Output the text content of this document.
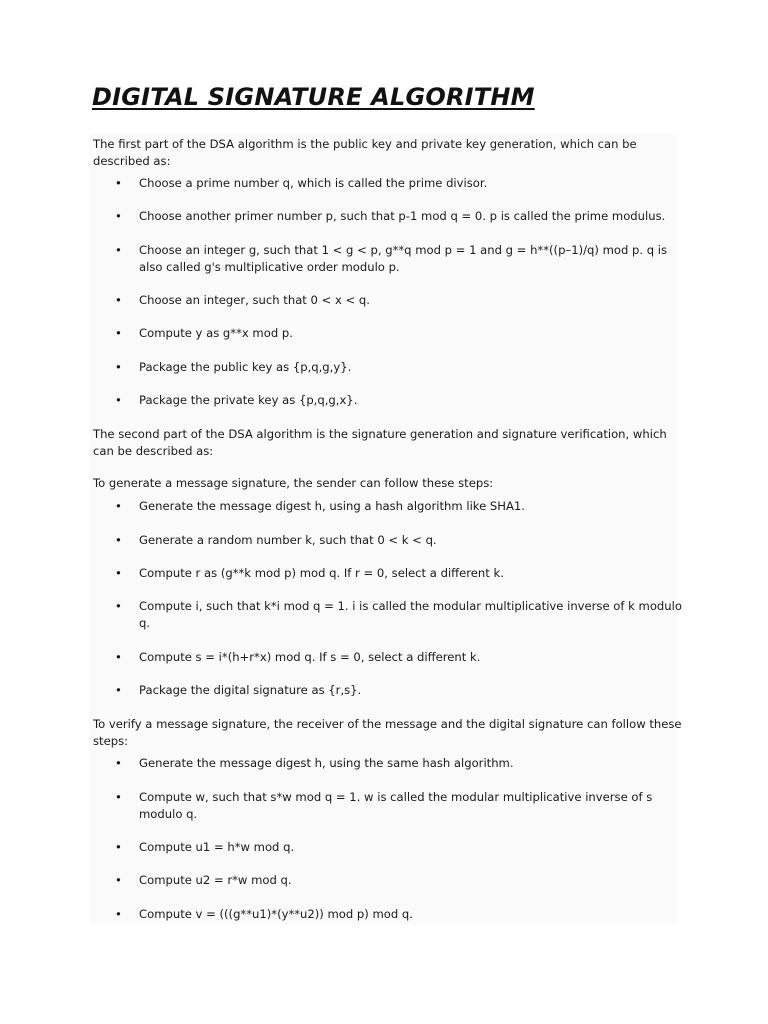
DIGITAL SIGNATURE ALGORITHM

The first part of the DSA algorithm is the public key and private key generation, which can be described as:

• Choose a prime number q, which is called the prime divisor.

• Choose another primer number p, such that p-1 mod q = 0. p is called the prime modulus.

• Choose an integer g, such that 1 < g < p, g**q mod p = 1 and g = h**((p–1)/q) mod p. q is also called g's multiplicative order modulo p.

• Choose an integer, such that 0 < x < q.

• Compute y as g**x mod p.

• Package the public key as {p,q,g,y}.

• Package the private key as {p,q,g,x}.

The second part of the DSA algorithm is the signature generation and signature verification, which can be described as:

To generate a message signature, the sender can follow these steps:

• Generate the message digest h, using a hash algorithm like SHA1.

• Generate a random number k, such that 0 < k < q.

• Compute r as (g**k mod p) mod q. If r = 0, select a different k.

• Compute i, such that k*i mod q = 1. i is called the modular multiplicative inverse of k modulo q.

• Compute s = i*(h+r*x) mod q. If s = 0, select a different k.

• Package the digital signature as {r,s}.

To verify a message signature, the receiver of the message and the digital signature can follow these steps:

• Generate the message digest h, using the same hash algorithm.

• Compute w, such that s*w mod q = 1. w is called the modular multiplicative inverse of s modulo q.

• Compute u1 = h*w mod q.

• Compute u2 = r*w mod q.

• Compute v = (((g**u1)*(y**u2)) mod p) mod q.
